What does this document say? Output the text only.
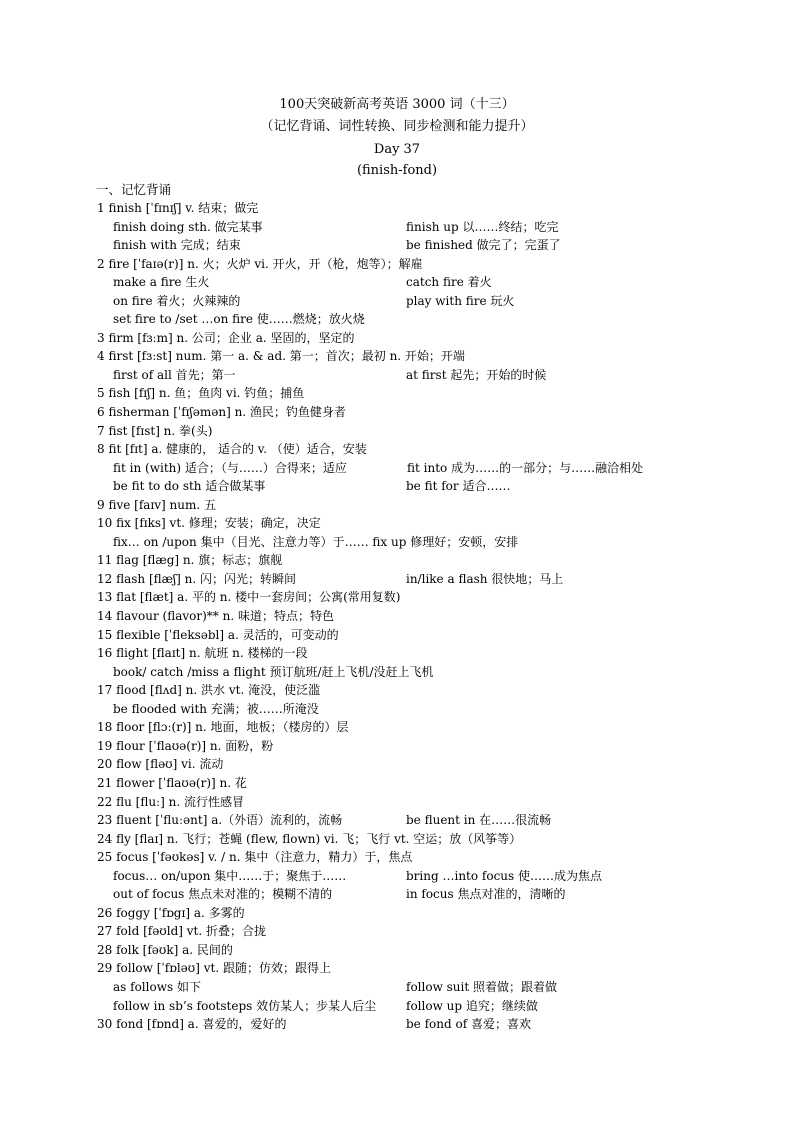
100天突破新高考英语 3000 词（十三）
（记忆背诵、词性转换、同步检测和能力提升）
Day 37
(finish-fond)
一、记忆背诵
1 finish [ˈfɪnɪʃ] v. 结束；做完
finish doing sth. 做完某事	finish up 以……终结；吃完
finish with 完成；结束	be finished 做完了；完蛋了
2 fire [ˈfaɪə(r)] n. 火；火炉 vi. 开火，开（枪，炮等）；解雇
make a fire 生火	catch fire 着火
on fire 着火；火辣辣的	play with fire 玩火
set fire to /set …on fire 使……燃烧；放火烧
3 firm [fɜːm] n. 公司；企业 a. 坚固的，坚定的
4 first [fɜːst] num. 第一 a. & ad. 第一；首次；最初 n. 开始；开端
first of all 首先；第一	at first 起先；开始的时候
5 fish [fɪʃ] n. 鱼；鱼肉 vi. 钓鱼；捕鱼
6 fisherman [ˈfɪʃəmən] n. 渔民；钓鱼健身者
7 fist [fɪst] n. 拳(头)
8 fit [fɪt] a. 健康的， 适合的 v. （使）适合，安装
fit in (with) 适合；（与……）合得来；适应	fit into 成为……的一部分；与……融洽相处
be fit to do sth 适合做某事	be fit for 适合……
9 five [faɪv] num. 五
10 fix [fɪks] vt. 修理；安装；确定，决定
fix… on /upon 集中（目光、注意力等）于…… fix up 修理好；安顿，安排
11 flag [flæg] n. 旗；标志；旗舰
12 flash [flæʃ] n. 闪；闪光；转瞬间	in/like a flash 很快地；马上
13 flat [flæt] a. 平的 n. 楼中一套房间；公寓(常用复数)
14 flavour (flavor)** n. 味道；特点；特色
15 flexible [ˈfleksəbl] a. 灵活的，可变动的
16 flight [flaɪt] n. 航班 n. 楼梯的一段
book/ catch /miss a flight 预订航班/赶上飞机/没赶上飞机
17 flood [flʌd] n. 洪水 vt. 淹没，使泛滥
be flooded with 充满；被……所淹没
18 floor [flɔː(r)] n. 地面，地板；（楼房的）层
19 flour [ˈflaʊə(r)] n. 面粉，粉
20 flow [fləʊ] vi. 流动
21 flower [ˈflaʊə(r)] n. 花
22 flu [fluː] n. 流行性感冒
23 fluent [ˈfluːənt] a.（外语）流利的，流畅	be fluent in 在……很流畅
24 fly [flaɪ] n. 飞行；苍蝇 (flew, flown) vi. 飞；飞行 vt. 空运；放（风筝等）
25 focus [ˈfəʊkəs] v. / n. 集中（注意力，精力）于，焦点
focus… on/upon 集中……于；聚焦于……	bring …into focus 使……成为焦点
out of focus 焦点未对准的；模糊不清的	in focus 焦点对准的，清晰的
26 foggy [ˈfɒgɪ] a. 多雾的
27 fold [fəʊld] vt. 折叠；合拢
28 folk [fəʊk] a. 民间的
29 follow [ˈfɒləʊ] vt. 跟随；仿效；跟得上
as follows 如下	follow suit 照着做；跟着做
follow in sb’s footsteps 效仿某人；步某人后尘 follow up 追究；继续做
30 fond [fɒnd] a. 喜爱的，爱好的	be fond of 喜爱；喜欢
